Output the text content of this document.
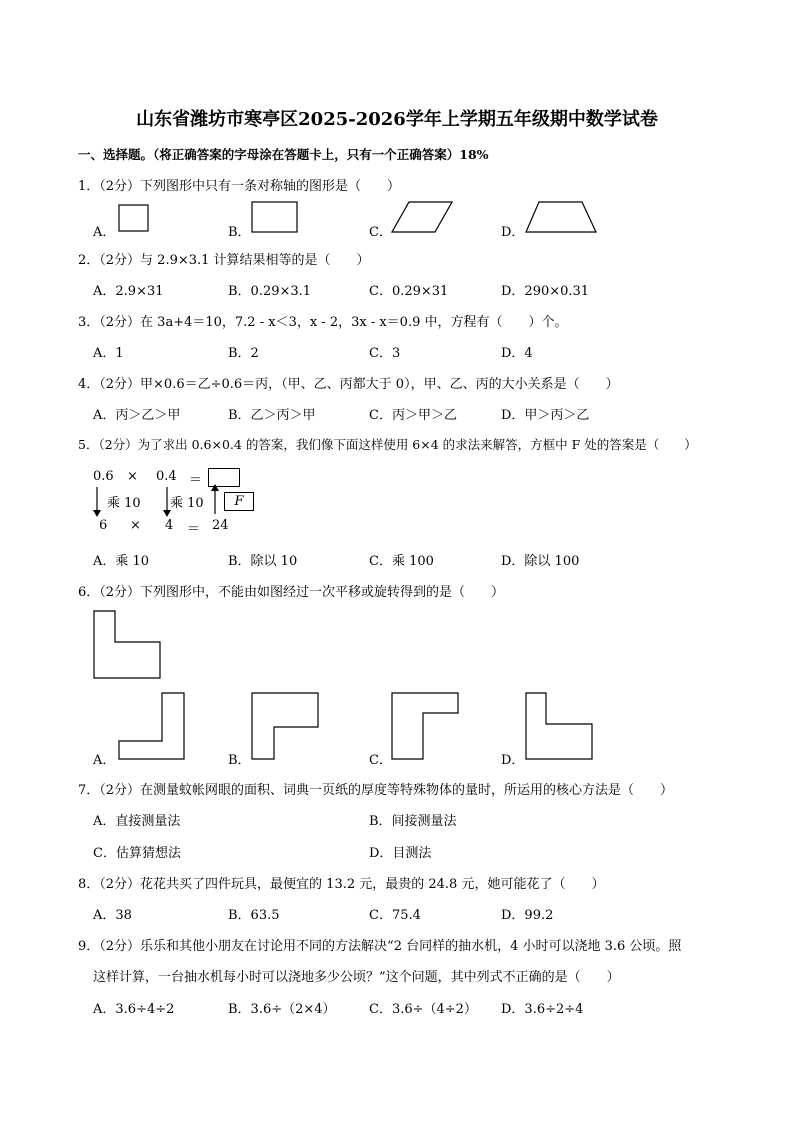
山东省潍坊市寒亭区2025-2026学年上学期五年级期中数学试卷
一、选择题。（将正确答案的字母涂在答题卡上，只有一个正确答案）18%
1．（2分）下列图形中只有一条对称轴的图形是（　　）
A．	B．	C．	D．
2．（2分）与 2.9×3.1 计算结果相等的是（　　）
A．2.9×31	B．0.29×3.1	C．0.29×31	D．290×0.31
3．（2分）在 3a+4＝10，7.2 - x＜3，x - 2，3x - x＝0.9 中，方程有（　　）个。
A．1	B．2	C．3	D．4
4．（2分）甲×0.6＝乙÷0.6＝丙，（甲、乙、丙都大于 0），甲、乙、丙的大小关系是（　　）
A．丙＞乙＞甲	B．乙＞丙＞甲	C．丙＞甲＞乙	D．甲＞丙＞乙
5．（2分）为了求出 0.6×0.4 的答案，我们像下面这样使用 6×4 的求法来解答，方框中 F 处的答案是（　　）
0.6 × 0.4 ＝
乘 10 乘 10	F
6 × 4 ＝ 24
A．乘 10	B．除以 10	C．乘 100	D．除以 100
6．（2分）下列图形中，不能由如图经过一次平移或旋转得到的是（　　）
A．	B．	C．	D．
7．（2分）在测量蚊帐网眼的面积、词典一页纸的厚度等特殊物体的量时，所运用的核心方法是（　　）
A．直接测量法	B．间接测量法
C．估算猜想法	D．目测法
8．（2分）花花共买了四件玩具，最便宜的 13.2 元，最贵的 24.8 元，她可能花了（　　）
A．38	B．63.5	C．75.4	D．99.2
9．（2分）乐乐和其他小朋友在讨论用不同的方法解决“2 台同样的抽水机，4 小时可以浇地 3.6 公顷。照
这样计算，一台抽水机每小时可以浇地多少公顷？”这个问题，其中列式不正确的是（　　）
A．3.6÷4÷2	B．3.6÷（2×4）	C．3.6÷（4÷2） D．3.6÷2÷4
